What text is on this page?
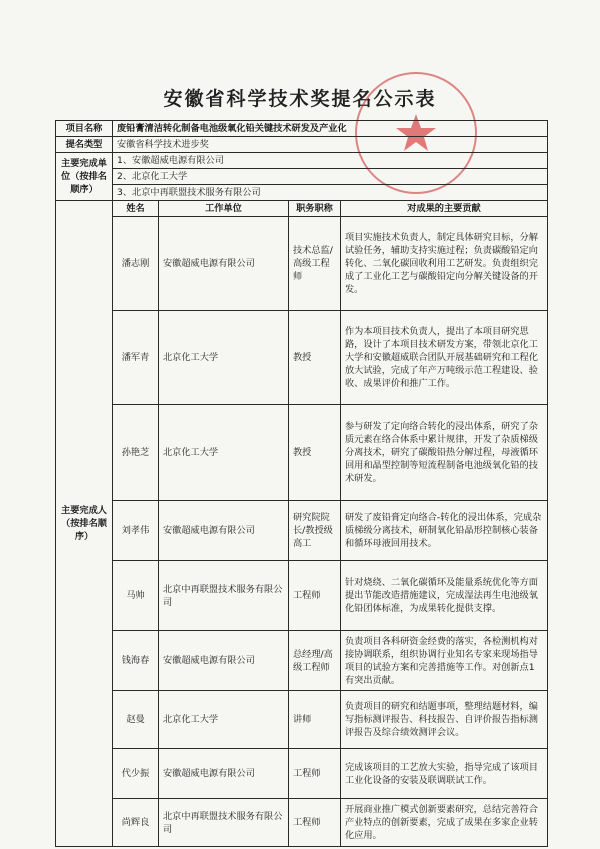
安徽省科学技术奖提名公示表
项目名称	废铅膏清洁转化制备电池级氧化铅关键技术研发及产业化			
提名类型	安徽省科学技术进步奖			
主要完成单位（按排名顺序）	1、安徽超威电源有限公司			
	2、北京化工大学			
	3、北京中再联盟技术服务有限公司			
主要完成人（按排名顺序）	姓名	工作单位	职务职称	对成果的主要贡献
	潘志刚	安徽超威电源有限公司	技术总监/高级工程师	项目实施技术负责人，制定具体研究目标，分解试验任务，辅助支持实施过程；负责碳酸铅定向转化、二氧化碳回收利用工艺研发。负责组织完成了工业化工艺与碳酸铅定向分解关键设备的开发。
	潘军青	北京化工大学	教授	作为本项目技术负责人，提出了本项目研究思路，设计了本项目技术研发方案，带领北京化工大学和安徽超威联合团队开展基础研究和工程化放大试验，完成了年产万吨级示范工程建设、验收、成果评价和推广工作。
	孙艳芝	北京化工大学	教授	参与研发了定向络合转化的浸出体系，研究了杂质元素在络合体系中累计规律，开发了杂质梯级分离技术，研究了碳酸铅热分解过程，母液循环回用和晶型控制等短流程制备电池级氧化铅的技术研发。
	刘孝伟	安徽超威电源有限公司	研究院院长/教授级高工	研发了废铅膏定向络合-转化的浸出体系，完成杂质梯级分离技术，研制氧化铅晶形控制核心装备和循环母液回用技术。
	马帅	北京中再联盟技术服务有限公司	工程师	针对烧绕、二氧化碳循环及能量系统优化等方面提出节能改造措施建议，完成湿法再生电池级氧化铅团体标准，为成果转化提供支撑。
	钱海春	安徽超威电源有限公司	总经理/高级工程师	负责项目各科研资金经费的落实，各检测机构对接协调联系，组织协调行业知名专家来现场指导项目的试验方案和完善措施等工作。对创新点1有突出贡献。
	赵曼	北京化工大学	讲师	负责项目的研究和结题事项，整理结题材料，编写指标测评报告、科技报告、自评价报告指标测评报告及综合绩效测评会议。
	代少振	安徽超威电源有限公司	工程师	完成该项目的工艺放大实验，指导完成了该项目工业化设备的安装及联调联试工作。
	尚辉良	北京中再联盟技术服务有限公司	工程师	开展商业推广模式创新要素研究，总结完善符合产业特点的创新要素，完成了成果在多家企业转化应用。
